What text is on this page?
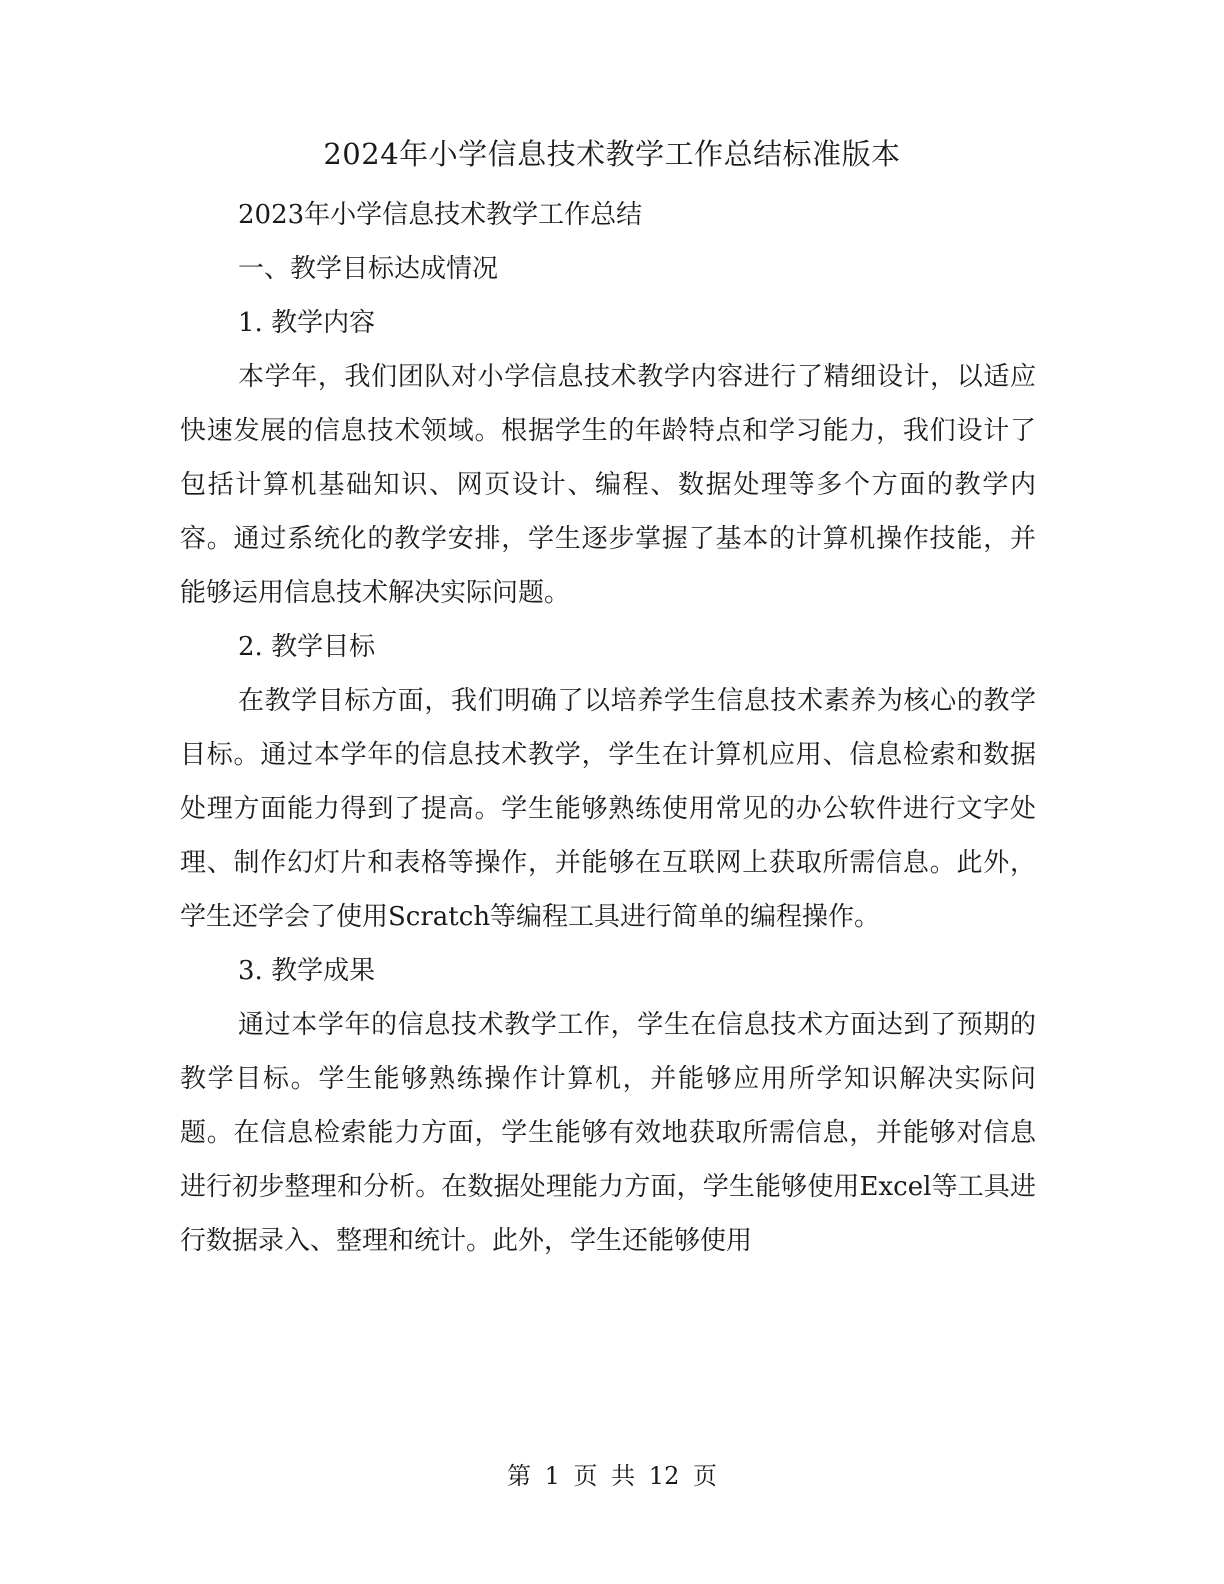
2024年小学信息技术教学工作总结标准版本
2023年小学信息技术教学工作总结
一、教学目标达成情况
1. 教学内容

本学年，我们团队对小学信息技术教学内容进行了精细设计，以适应快速发展的信息技术领域。根据学生的年龄特点和学习能力，我们设计了包括计算机基础知识、网页设计、编程、数据处理等多个方面的教学内容。通过系统化的教学安排，学生逐步掌握了基本的计算机操作技能，并能够运用信息技术解决实际问题。

2. 教学目标

在教学目标方面，我们明确了以培养学生信息技术素养为核心的教学目标。通过本学年的信息技术教学，学生在计算机应用、信息检索和数据处理方面能力得到了提高。学生能够熟练使用常见的办公软件进行文字处理、制作幻灯片和表格等操作，并能够在互联网上获取所需信息。此外，学生还学会了使用Scratch等编程工具进行简单的编程操作。

3. 教学成果

通过本学年的信息技术教学工作，学生在信息技术方面达到了预期的教学目标。学生能够熟练操作计算机，并能够应用所学知识解决实际问题。在信息检索能力方面，学生能够有效地获取所需信息，并能够对信息进行初步整理和分析。在数据处理能力方面，学生能够使用Excel等工具进行数据录入、整理和统计。此外，学生还能够使用

第 1 页 共 12 页
